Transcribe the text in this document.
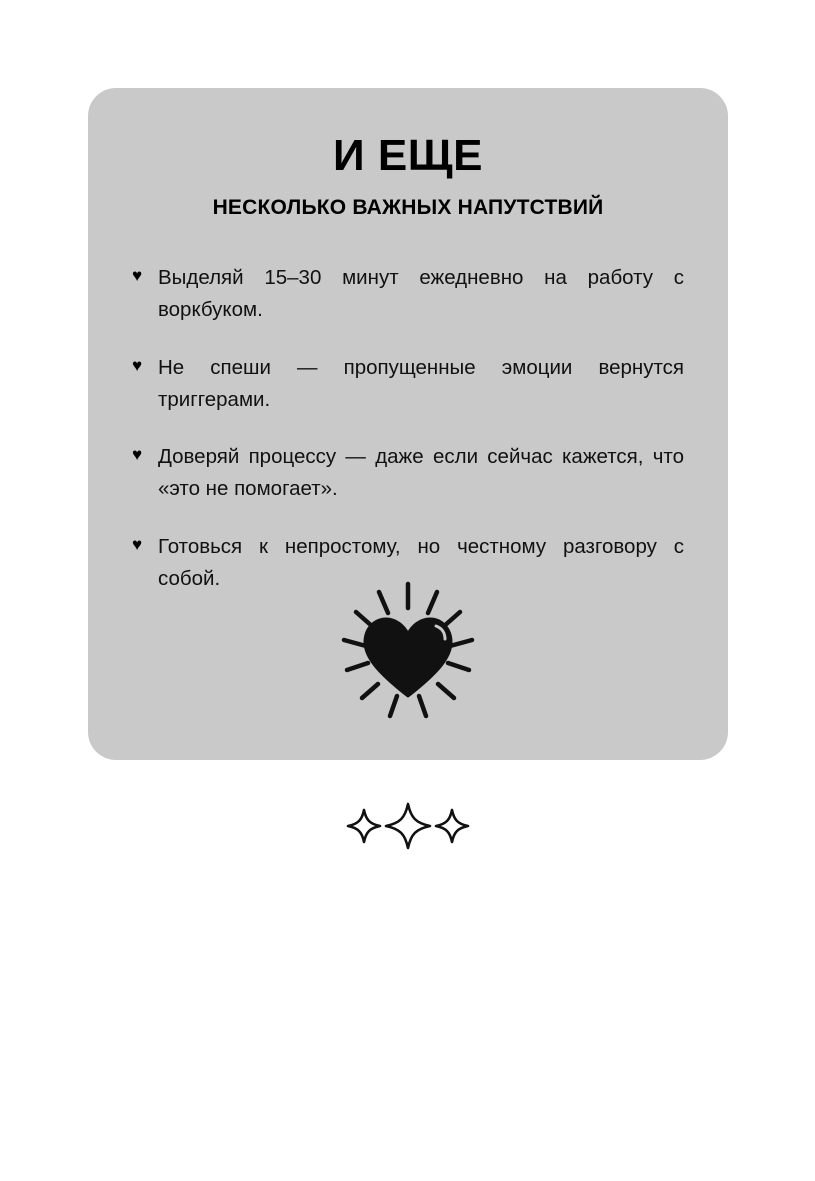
И ЕЩЕ
НЕСКОЛЬКО ВАЖНЫХ НАПУТСТВИЙ
♥ Выделяй 15–30 минут ежедневно на работу с воркбуком.
♥ Не спеши — пропущенные эмоции вернутся триггерами.
♥ Доверяй процессу — даже если сейчас кажется, что «это не помогает».
♥ Готовься к непростому, но честному разговору с собой.
